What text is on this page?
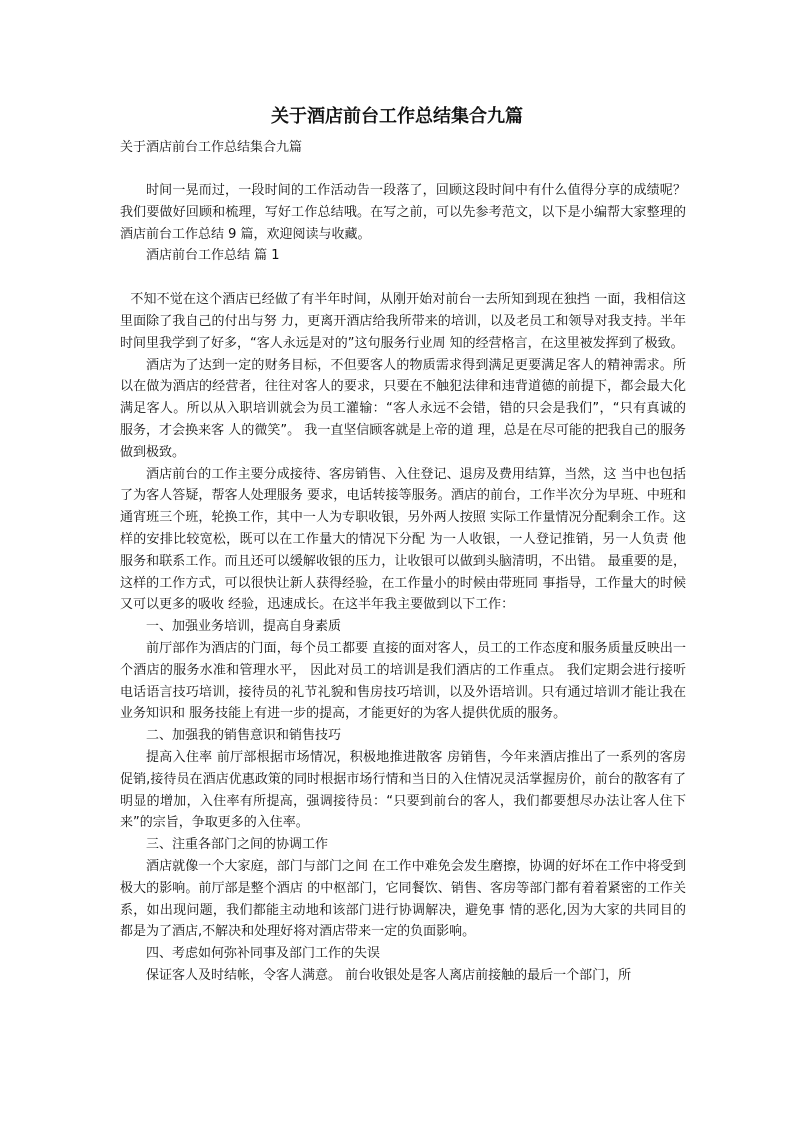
关于酒店前台工作总结集合九篇
关于酒店前台工作总结集合九篇

时间一晃而过，一段时间的工作活动告一段落了，回顾这段时间中有什么值得分享的成绩呢？我们要做好回顾和梳理，写好工作总结哦。在写之前，可以先参考范文，以下是小编帮大家整理的酒店前台工作总结 9 篇，欢迎阅读与收藏。

酒店前台工作总结 篇 1

不知不觉在这个酒店已经做了有半年时间，从刚开始对前台一去所知到现在独挡 一面，我相信这里面除了我自己的付出与努 力，更离开酒店给我所带来的培训，以及老员工和领导对我支持。半年时间里我学到了好多，“客人永远是对的”这句服务行业周 知的经营格言，在这里被发挥到了极致。

酒店为了达到一定的财务目标，不但要客人的物质需求得到满足更要满足客人的精神需求。所以在做为酒店的经营者，往往对客人的要求，只要在不触犯法律和违背道德的前提下，都会最大化满足客人。所以从入职培训就会为员工灌输：“客人永远不会错，错的只会是我们”，“只有真诚的服务，才会换来客 人的微笑”。 我一直坚信顾客就是上帝的道 理，总是在尽可能的把我自己的服务做到极致。

酒店前台的工作主要分成接待、客房销售、入住登记、退房及费用结算，当然，这 当中也包括了为客人答疑，帮客人处理服务 要求，电话转接等服务。酒店的前台，工作半次分为早班、中班和通宵班三个班，轮换工作，其中一人为专职收银，另外两人按照 实际工作量情况分配剩余工作。这样的安排比较宽松，既可以在工作量大的情况下分配 为一人收银，一人登记推销，另一人负责 他服务和联系工作。而且还可以缓解收银的压力，让收银可以做到头脑清明，不出错。 最重要的是，这样的工作方式，可以很快让新人获得经验，在工作量小的时候由带班同 事指导，工作量大的时候又可以更多的吸收 经验，迅速成长。在这半年我主要做到以下工作：

一、加强业务培训，提高自身素质

前厅部作为酒店的门面，每个员工都要 直接的面对客人，员工的工作态度和服务质量反映出一个酒店的服务水准和管理水平， 因此对员工的培训是我们酒店的工作重点。 我们定期会进行接听电话语言技巧培训，接待员的礼节礼貌和售房技巧培训，以及外语培训。只有通过培训才能让我在业务知识和 服务技能上有进一步的提高，才能更好的为客人提供优质的服务。

二、加强我的销售意识和销售技巧

提高入住率 前厅部根据市场情况，积极地推进散客 房销售，今年来酒店推出了一系列的客房促销,接待员在酒店优惠政策的同时根据市场行情和当日的入住情况灵活掌握房价，前台的散客有了明显的增加，入住率有所提高，强调接待员：“只要到前台的客人，我们都要想尽办法让客人住下来”的宗旨，争取更多的入住率。

三、注重各部门之间的协调工作

酒店就像一个大家庭，部门与部门之间 在工作中难免会发生磨擦，协调的好坏在工作中将受到极大的影响。前厅部是整个酒店 的中枢部门，它同餐饮、销售、客房等部门都有着着紧密的工作关系，如出现问题，我们都能主动地和该部门进行协调解决，避免事 情的恶化,因为大家的共同目的都是为了酒店,不解决和处理好将对酒店带来一定的负面影响。

四、考虑如何弥补同事及部门工作的失误

保证客人及时结帐，令客人满意。 前台收银处是客人离店前接触的最后一个部门，所
